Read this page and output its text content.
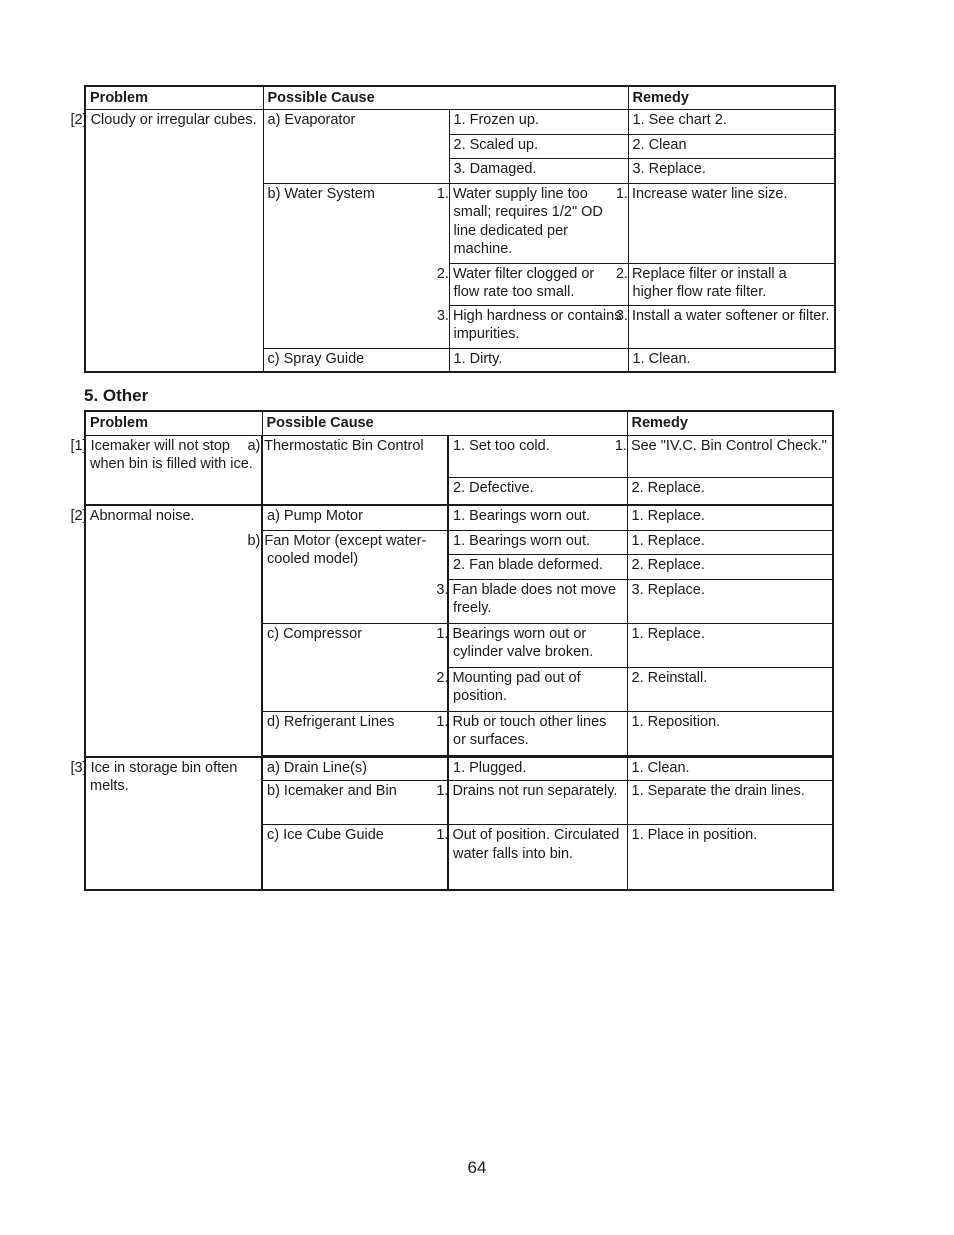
Problem	Possible Cause		Remedy
[2] Cloudy or irregular cubes.	a) Evaporator	1. Frozen up.	1. See chart 2.
		2. Scaled up.	2. Clean
		3. Damaged.	3. Replace.
	b) Water System	1. Water supply line too small; requires 1/2" OD line dedicated per machine.	1. Increase water line size.
		2. Water filter clogged or flow rate too small.	2. Replace filter or install a higher flow rate filter.
		3. High hardness or contains impurities.	3. Install a water softener or filter.
	c) Spray Guide	1. Dirty.	1. Clean.
5. Other
Problem	Possible Cause		Remedy
[1] Icemaker will not stop when bin is filled with ice.	a) Thermostatic Bin Control	1. Set too cold.	1. See "IV.C. Bin Control Check."
		2. Defective.	2. Replace.
[2] Abnormal noise.	a) Pump Motor	1. Bearings worn out.	1. Replace.
	b) Fan Motor (except water-cooled model)	1. Bearings worn out.	1. Replace.
		2. Fan blade deformed.	2. Replace.
		3. Fan blade does not move freely.	3. Replace.
	c) Compressor	1. Bearings worn out or cylinder valve broken.	1. Replace.
		2. Mounting pad out of position.	2. Reinstall.
	d) Refrigerant Lines	1. Rub or touch other lines or surfaces.	1. Reposition.

[3] Ice in storage bin often melts.	a) Drain Line(s)	1. Plugged.	1. Clean.
	b) Icemaker and Bin	1. Drains not run separately.	1. Separate the drain lines.
	c) Ice Cube Guide	1. Out of position. Circulated water falls into bin.	1. Place in position.
64
